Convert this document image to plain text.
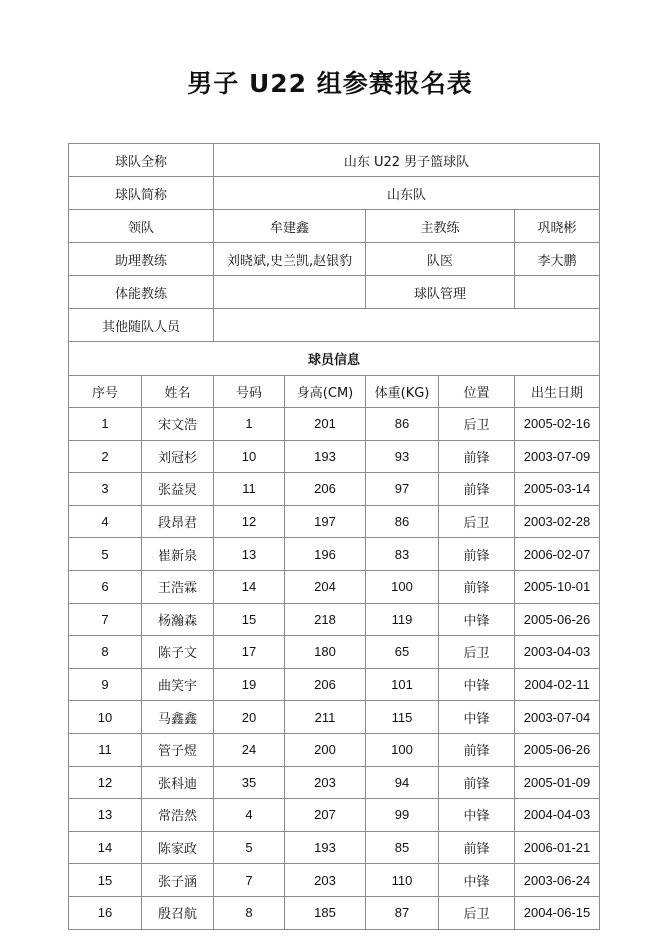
男子 U22 组参赛报名表
球队全称		山东 U22 男子篮球队				
球队简称		山东队				
领队		牟建鑫		主教练		巩晓彬
助理教练		刘晓斌,史兰凯,赵银豹		队医		李大鹏
体能教练				球队管理		
其他随队人员						
球员信息						
序号	姓名	号码	身高(CM)	体重(KG)	位置	出生日期
1	宋文浩	1	201	86	后卫	2005-02-16
2	刘冠杉	10	193	93	前锋	2003-07-09
3	张益炅	11	206	97	前锋	2005-03-14
4	段昂君	12	197	86	后卫	2003-02-28
5	崔新泉	13	196	83	前锋	2006-02-07
6	王浩霖	14	204	100	前锋	2005-10-01
7	杨瀚森	15	218	119	中锋	2005-06-26
8	陈子文	17	180	65	后卫	2003-04-03
9	曲笑宇	19	206	101	中锋	2004-02-11
10	马鑫鑫	20	211	115	中锋	2003-07-04
11	管子煜	24	200	100	前锋	2005-06-26
12	张科迪	35	203	94	前锋	2005-01-09
13	常浩然	4	207	99	中锋	2004-04-03
14	陈家政	5	193	85	前锋	2006-01-21
15	张子涵	7	203	110	中锋	2003-06-24
16	殷召航	8	185	87	后卫	2004-06-15
